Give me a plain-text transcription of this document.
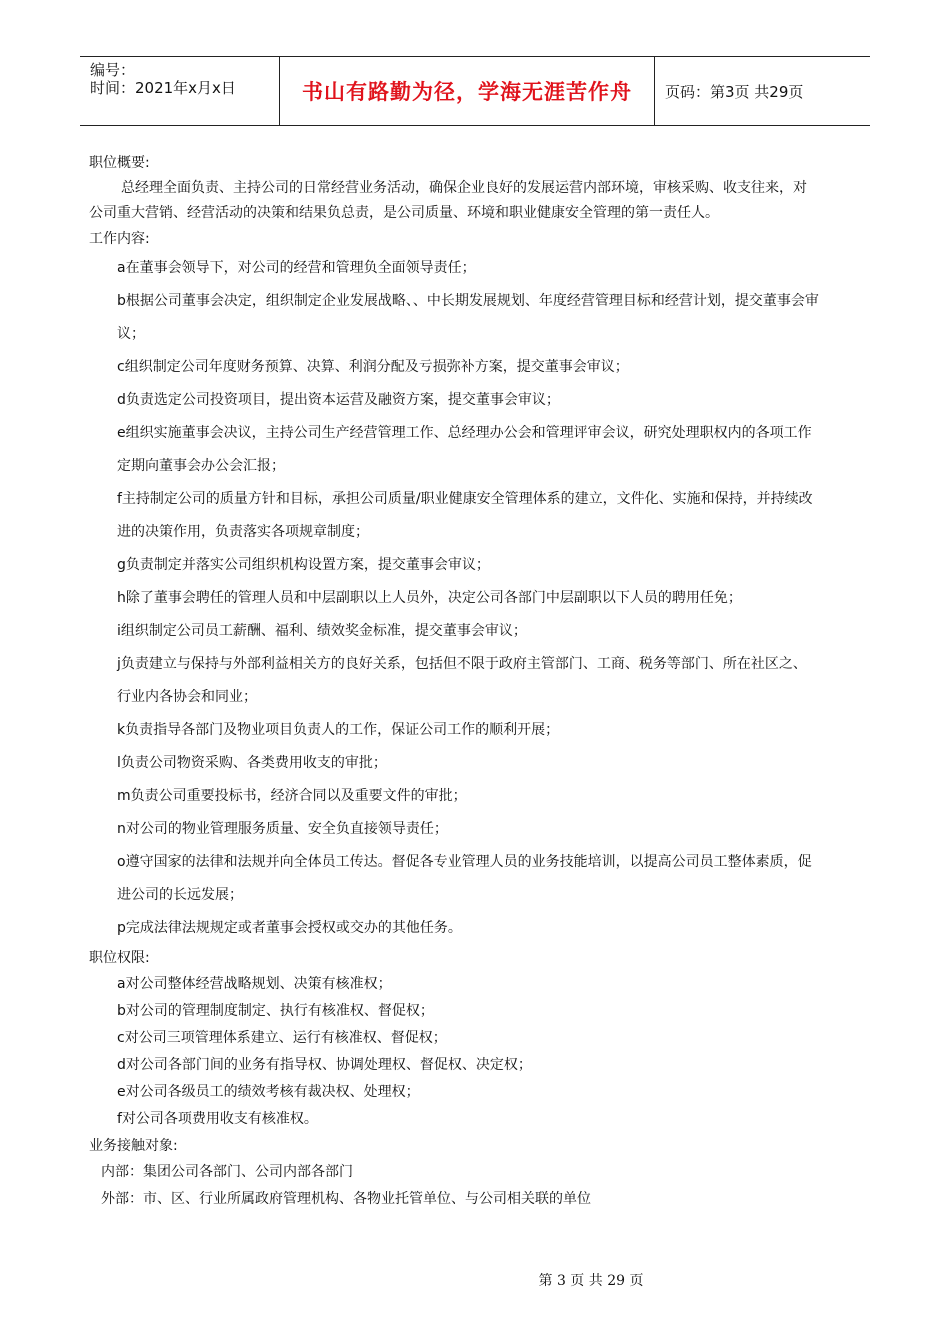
编号：
时间：2021年x月x日	书山有路勤为径，学海无涯苦作舟	页码：第3页 共29页
职位概要:
总经理全面负责、主持公司的日常经营业务活动，确保企业良好的发展运营内部环境，审核采购、收支往来，对公司重大营销、经营活动的决策和结果负总责，是公司质量、环境和职业健康安全管理的第一责任人。
工作内容:
a在董事会领导下，对公司的经营和管理负全面领导责任；
b根据公司董事会决定，组织制定企业发展战略、、中长期发展规划、年度经营管理目标和经营计划，提交董事会审议；
c组织制定公司年度财务预算、决算、利润分配及亏损弥补方案，提交董事会审议；
d负责选定公司投资项目，提出资本运营及融资方案，提交董事会审议；
e组织实施董事会决议，主持公司生产经营管理工作、总经理办公会和管理评审会议，研究处理职权内的各项工作定期向董事会办公会汇报；
f主持制定公司的质量方针和目标，承担公司质量/职业健康安全管理体系的建立，文件化、实施和保持，并持续改进的决策作用，负责落实各项规章制度；
g负责制定并落实公司组织机构设置方案，提交董事会审议；
h除了董事会聘任的管理人员和中层副职以上人员外，决定公司各部门中层副职以下人员的聘用任免；
i组织制定公司员工薪酬、福利、绩效奖金标准，提交董事会审议；
j负责建立与保持与外部利益相关方的良好关系，包括但不限于政府主管部门、工商、税务等部门、所在社区之、行业内各协会和同业；
k负责指导各部门及物业项目负责人的工作，保证公司工作的顺利开展；
l负责公司物资采购、各类费用收支的审批；
m负责公司重要投标书，经济合同以及重要文件的审批；
n对公司的物业管理服务质量、安全负直接领导责任；
o遵守国家的法律和法规并向全体员工传达。督促各专业管理人员的业务技能培训，以提高公司员工整体素质，促进公司的长远发展；
p完成法律法规规定或者董事会授权或交办的其他任务。
职位权限:
a对公司整体经营战略规划、决策有核准权；
b对公司的管理制度制定、执行有核准权、督促权；
c对公司三项管理体系建立、运行有核准权、督促权；
d对公司各部门间的业务有指导权、协调处理权、督促权、决定权；
e对公司各级员工的绩效考核有裁决权、处理权；
f对公司各项费用收支有核准权。
业务接触对象:
内部：集团公司各部门、公司内部各部门
外部：市、区、行业所属政府管理机构、各物业托管单位、与公司相关联的单位
第 3 页 共 29 页
